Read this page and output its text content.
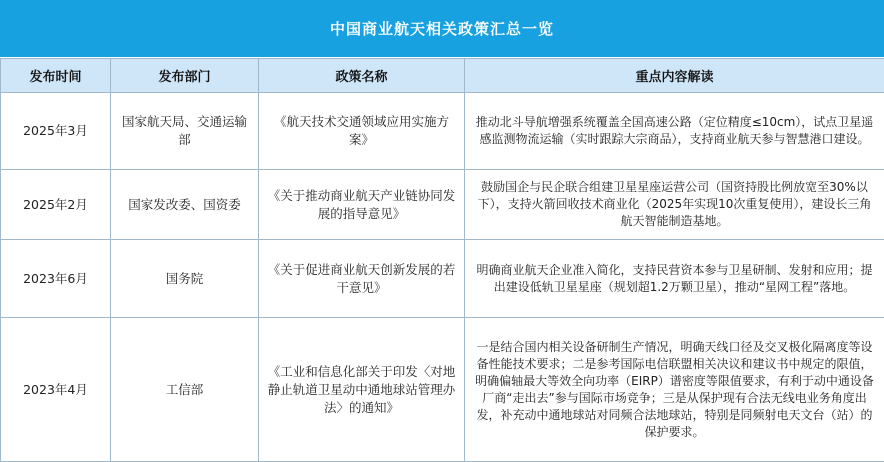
中国商业航天相关政策汇总一览
发布时间	发布部门	政策名称	重点内容解读
2025年3月	国家航天局、交通运输部	《航天技术交通领域应用实施方案》	推动北斗导航增强系统覆盖全国高速公路（定位精度≤10cm），试点卫星遥感监测物流运输（实时跟踪大宗商品），支持商业航天参与智慧港口建设。
2025年2月	国家发改委、国资委	《关于推动商业航天产业链协同发展的指导意见》	鼓励国企与民企联合组建卫星星座运营公司（国资持股比例放宽至30%以下），支持火箭回收技术商业化（2025年实现10次重复使用），建设长三角航天智能制造基地。
2023年6月	国务院	《关于促进商业航天创新发展的若干意见》	明确商业航天企业准入简化，支持民营资本参与卫星研制、发射和应用；提出建设低轨卫星星座（规划超1.2万颗卫星），推动“星网工程”落地。
2023年4月	工信部	《工业和信息化部关于印发〈对地静止轨道卫星动中通地球站管理办法〉的通知》	一是结合国内相关设备研制生产情况，明确天线口径及交叉极化隔离度等设备性能技术要求；二是参考国际电信联盟相关决议和建议书中规定的限值，明确偏轴最大等效全向功率（EIRP）谱密度等限值要求，有利于动中通设备厂商“走出去”参与国际市场竞争；三是从保护现有合法无线电业务角度出发，补充动中通地球站对同频合法地球站，特别是同频射电天文台（站）的保护要求。
